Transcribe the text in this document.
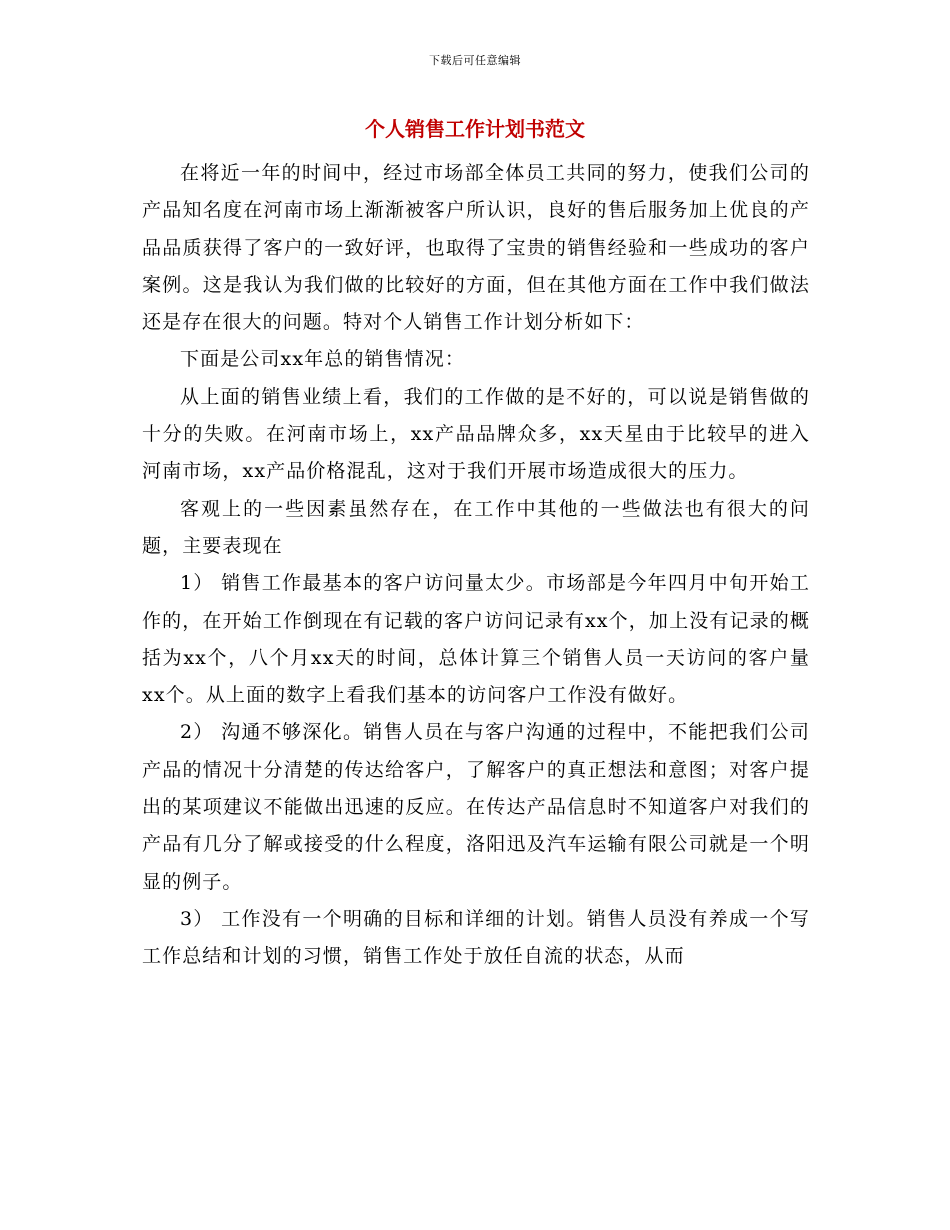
下载后可任意编辑
个人销售工作计划书范文

在将近一年的时间中，经过市场部全体员工共同的努力，使我们公司的产品知名度在河南市场上渐渐被客户所认识，良好的售后服务加上优良的产品品质获得了客户的一致好评，也取得了宝贵的销售经验和一些成功的客户案例。这是我认为我们做的比较好的方面，但在其他方面在工作中我们做法还是存在很大的问题。特对个人销售工作计划分析如下：

下面是公司xx年总的销售情况：

从上面的销售业绩上看，我们的工作做的是不好的，可以说是销售做的十分的失败。在河南市场上，xx产品品牌众多，xx天星由于比较早的进入河南市场，xx产品价格混乱，这对于我们开展市场造成很大的压力。

客观上的一些因素虽然存在，在工作中其他的一些做法也有很大的问题，主要表现在

1） 销售工作最基本的客户访问量太少。市场部是今年四月中旬开始工作的，在开始工作倒现在有记载的客户访问记录有xx个，加上没有记录的概括为xx个，八个月xx天的时间，总体计算三个销售人员一天访问的客户量xx个。从上面的数字上看我们基本的访问客户工作没有做好。

2） 沟通不够深化。销售人员在与客户沟通的过程中，不能把我们公司产品的情况十分清楚的传达给客户，了解客户的真正想法和意图；对客户提出的某项建议不能做出迅速的反应。在传达产品信息时不知道客户对我们的产品有几分了解或接受的什么程度，洛阳迅及汽车运输有限公司就是一个明显的例子。

3） 工作没有一个明确的目标和详细的计划。销售人员没有养成一个写工作总结和计划的习惯，销售工作处于放任自流的状态，从而
